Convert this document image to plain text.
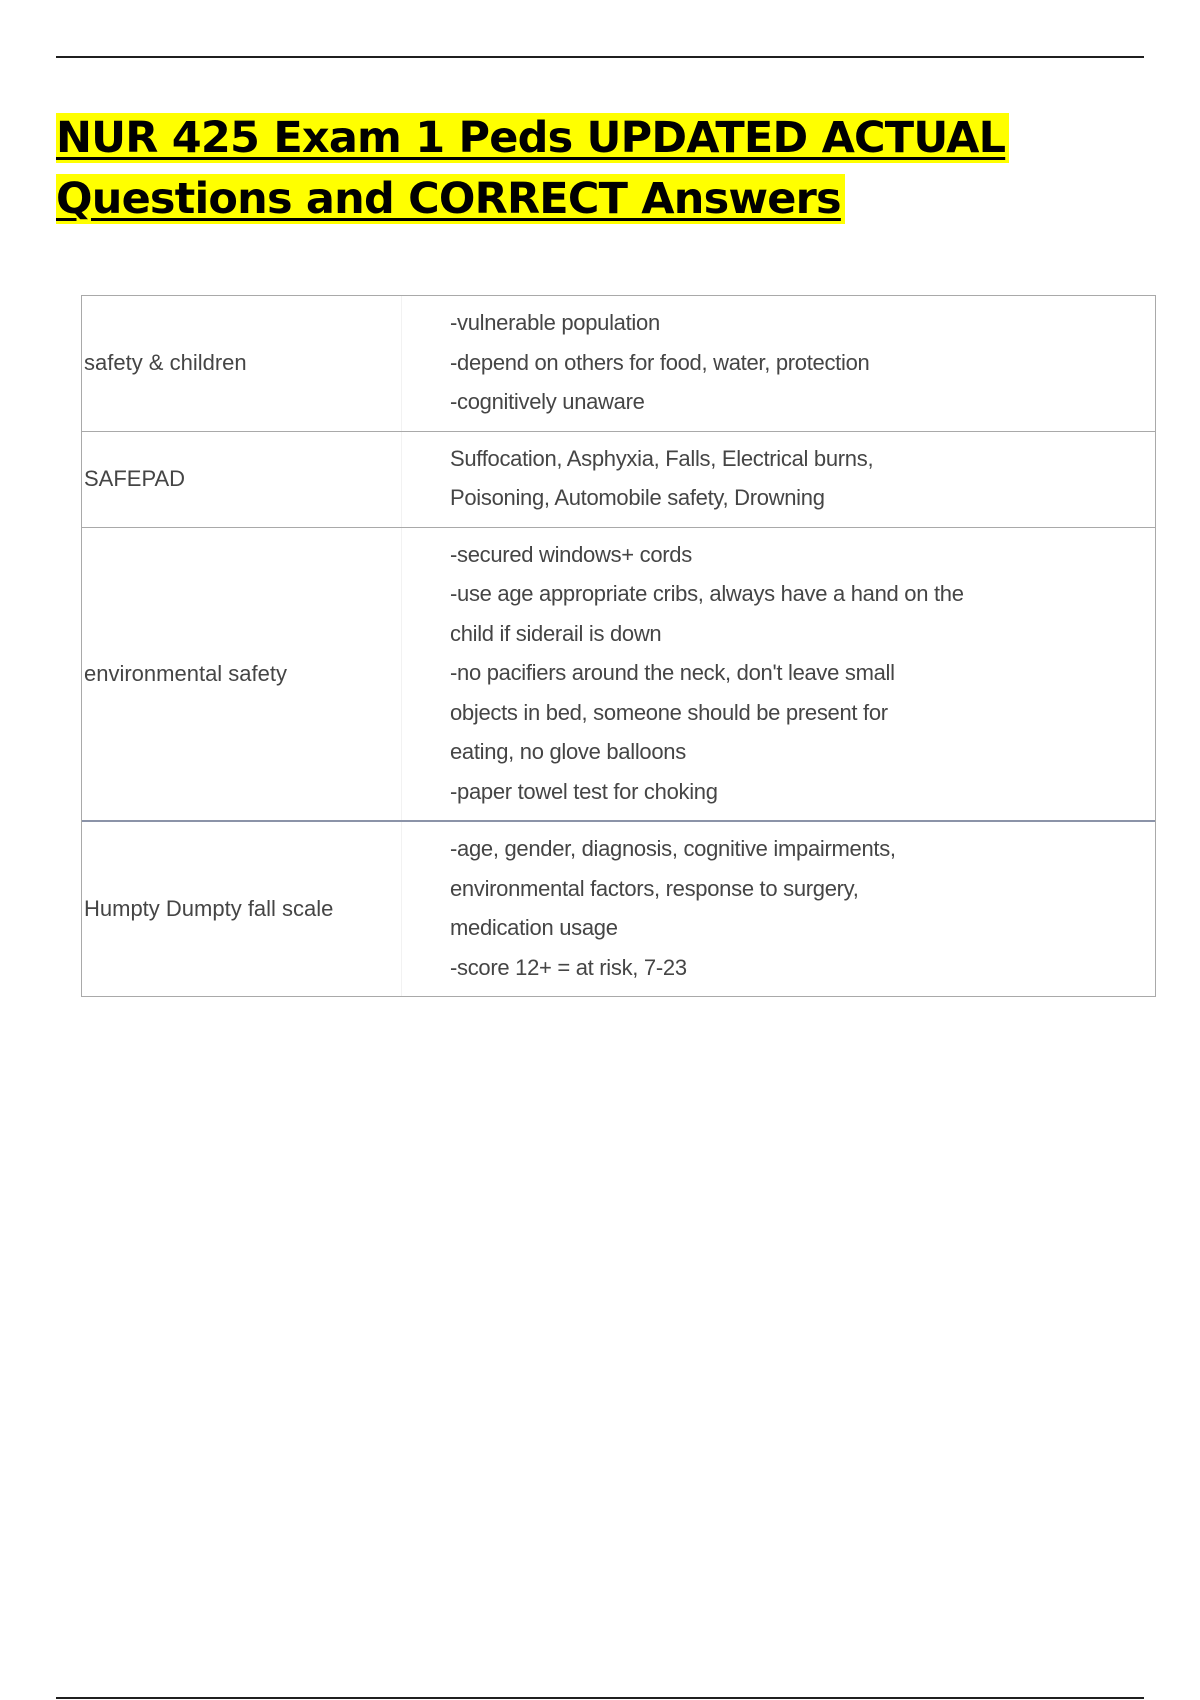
NUR 425 Exam 1 Peds UPDATED ACTUAL
Questions and CORRECT Answers
safety & children
-vulnerable population
-depend on others for food, water, protection
-cognitively unaware
SAFEPAD
Suffocation, Asphyxia, Falls, Electrical burns,
Poisoning, Automobile safety, Drowning
environmental safety
-secured windows+ cords
-use age appropriate cribs, always have a hand on the
child if siderail is down
-no pacifiers around the neck, don't leave small
objects in bed, someone should be present for
eating, no glove balloons
-paper towel test for choking
Humpty Dumpty fall scale
-age, gender, diagnosis, cognitive impairments,
environmental factors, response to surgery,
medication usage
-score 12+ = at risk, 7-23
